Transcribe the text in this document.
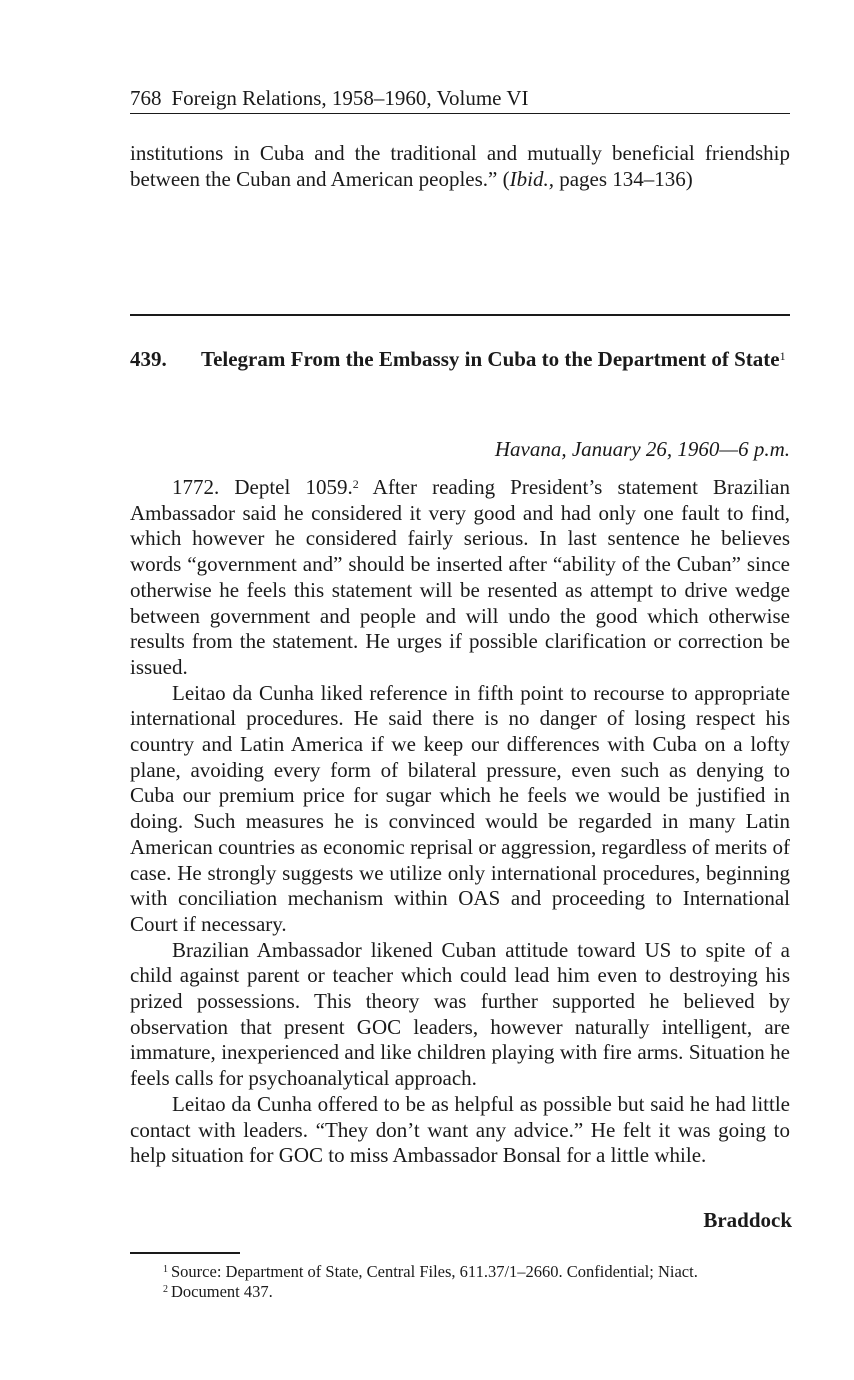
768 Foreign Relations, 1958–1960, Volume VI
institutions in Cuba and the traditional and mutually beneficial friendship between the Cuban and American peoples.” (Ibid., pages 134–136)
439. Telegram From the Embassy in Cuba to the Department of State$^1$
Havana, January 26, 1960—6 p.m.

1772. Deptel 1059.$^2$ After reading President’s statement Brazilian Ambassador said he considered it very good and had only one fault to find, which however he considered fairly serious. In last sentence he believes words “government and” should be inserted after “ability of the Cuban” since otherwise he feels this statement will be resented as attempt to drive wedge between government and people and will undo the good which otherwise results from the statement. He urges if possible clarification or correction be issued.

Leitao da Cunha liked reference in fifth point to recourse to appropriate international procedures. He said there is no danger of losing respect his country and Latin America if we keep our differences with Cuba on a lofty plane, avoiding every form of bilateral pressure, even such as denying to Cuba our premium price for sugar which he feels we would be justified in doing. Such measures he is convinced would be regarded in many Latin American countries as economic reprisal or aggression, regardless of merits of case. He strongly suggests we utilize only international procedures, beginning with conciliation mechanism within OAS and proceeding to International Court if necessary.

Brazilian Ambassador likened Cuban attitude toward US to spite of a child against parent or teacher which could lead him even to destroying his prized possessions. This theory was further supported he believed by observation that present GOC leaders, however naturally intelligent, are immature, inexperienced and like children playing with fire arms. Situation he feels calls for psychoanalytical approach.

Leitao da Cunha offered to be as helpful as possible but said he had little contact with leaders. “They don’t want any advice.” He felt it was going to help situation for GOC to miss Ambassador Bonsal for a little while.

Braddock

$^1$ Source: Department of State, Central Files, 611.37/1–2660. Confidential; Niact.

$^2$ Document 437.
